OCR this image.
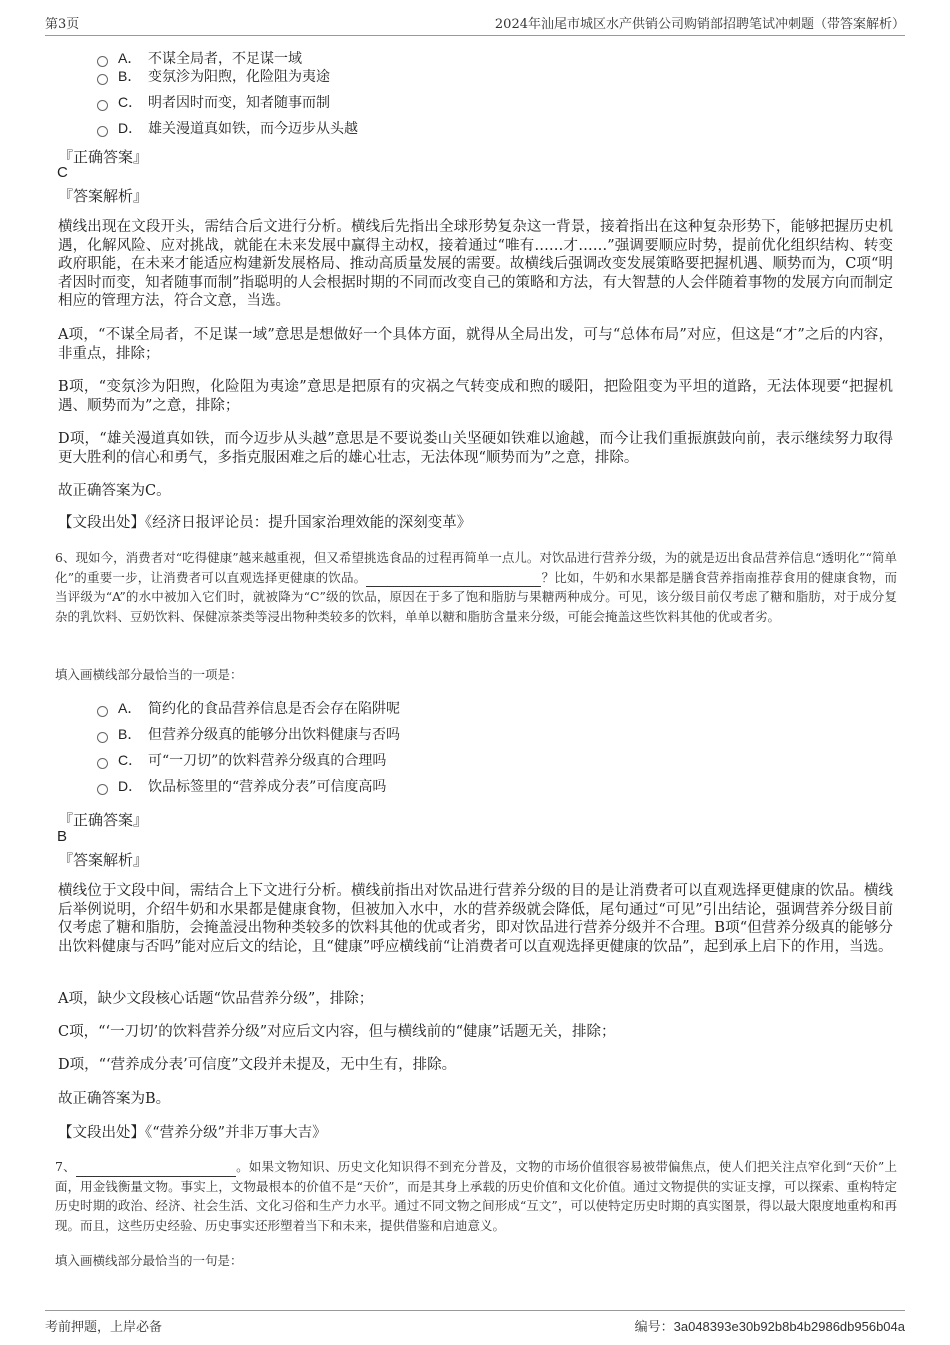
第3页	2024年汕尾市城区水产供销公司购销部招聘笔试冲刺题（带答案解析）
A． 不谋全局者，不足谋一域
B． 变氛沴为阳煦，化险阻为夷途
C． 明者因时而变，知者随事而制
D． 雄关漫道真如铁，而今迈步从头越
『正确答案』
C
『答案解析』
横线出现在文段开头，需结合后文进行分析。横线后先指出全球形势复杂这一背景，接着指出在这种复杂形势下，能够把握历史机遇，化解风险、应对挑战，就能在未来发展中赢得主动权，接着通过“唯有……才……”强调要顺应时势，提前优化组织结构、转变政府职能，在未来才能适应构建新发展格局、推动高质量发展的需要。故横线后强调改变发展策略要把握机遇、顺势而为，C项“明者因时而变，知者随事而制”指聪明的人会根据时期的不同而改变自己的策略和方法，有大智慧的人会伴随着事物的发展方向而制定相应的管理方法，符合文意，当选。
A项，“不谋全局者，不足谋一域”意思是想做好一个具体方面，就得从全局出发，可与“总体布局”对应，但这是“才”之后的内容，非重点，排除；
B项，“变氛沴为阳煦，化险阻为夷途”意思是把原有的灾祸之气转变成和煦的暖阳，把险阻变为平坦的道路，无法体现要“把握机遇、顺势而为”之意，排除；
D项，“雄关漫道真如铁，而今迈步从头越”意思是不要说娄山关坚硬如铁难以逾越，而今让我们重振旗鼓向前，表示继续努力取得更大胜利的信心和勇气，多指克服困难之后的雄心壮志，无法体现“顺势而为”之意，排除。
故正确答案为C。
【文段出处】《经济日报评论员：提升国家治理效能的深刻变革》
6、现如今，消费者对“吃得健康”越来越重视，但又希望挑选食品的过程再简单一点儿。对饮品进行营养分级，为的就是迈出食品营养信息“透明化”“简单化”的重要一步，让消费者可以直观选择更健康的饮品。	？比如，牛奶和水果都是膳食营养指南推荐食用的健康食物，而当评级为“A”的水中被加入它们时，就被降为“C”级的饮品，原因在于多了饱和脂肪与果糖两种成分。可见，该分级目前仅考虑了糖和脂肪，对于成分复杂的乳饮料、豆奶饮料、保健凉茶类等浸出物种类较多的饮料，单单以糖和脂肪含量来分级，可能会掩盖这些饮料其他的优或者劣。
填入画横线部分最恰当的一项是：
A． 简约化的食品营养信息是否会存在陷阱呢
B． 但营养分级真的能够分出饮料健康与否吗
C． 可“一刀切”的饮料营养分级真的合理吗
D． 饮品标签里的“营养成分表”可信度高吗
『正确答案』
B
『答案解析』
横线位于文段中间，需结合上下文进行分析。横线前指出对饮品进行营养分级的目的是让消费者可以直观选择更健康的饮品。横线后举例说明，介绍牛奶和水果都是健康食物，但被加入水中，水的营养级就会降低，尾句通过“可见”引出结论，强调营养分级目前仅考虑了糖和脂肪，会掩盖浸出物种类较多的饮料其他的优或者劣，即对饮品进行营养分级并不合理。B项“但营养分级真的能够分出饮料健康与否吗”能对应后文的结论，且“健康”呼应横线前“让消费者可以直观选择更健康的饮品”，起到承上启下的作用，当选。
A项，缺少文段核心话题“饮品营养分级”，排除；
C项，“‘一刀切’的饮料营养分级”对应后文内容，但与横线前的“健康”话题无关，排除；
D项，“‘营养成分表’可信度”文段并未提及，无中生有，排除。
故正确答案为B。
【文段出处】《“营养分级”并非万事大吉》
7、	。如果文物知识、历史文化知识得不到充分普及，文物的市场价值很容易被带偏焦点，使人们把关注点窄化到“天价”上面，用金钱衡量文物。事实上，文物最根本的价值不是“天价”，而是其身上承载的历史价值和文化价值。通过文物提供的实证支撑，可以探索、重构特定历史时期的政治、经济、社会生活、文化习俗和生产力水平。通过不同文物之间形成“互文”，可以使特定历史时期的真实图景，得以最大限度地重构和再现。而且，这些历史经验、历史事实还形塑着当下和未来，提供借鉴和启迪意义。
填入画横线部分最恰当的一句是：
考前押题，上岸必备	编号：3a048393e30b92b8b4b2986db956b04a
